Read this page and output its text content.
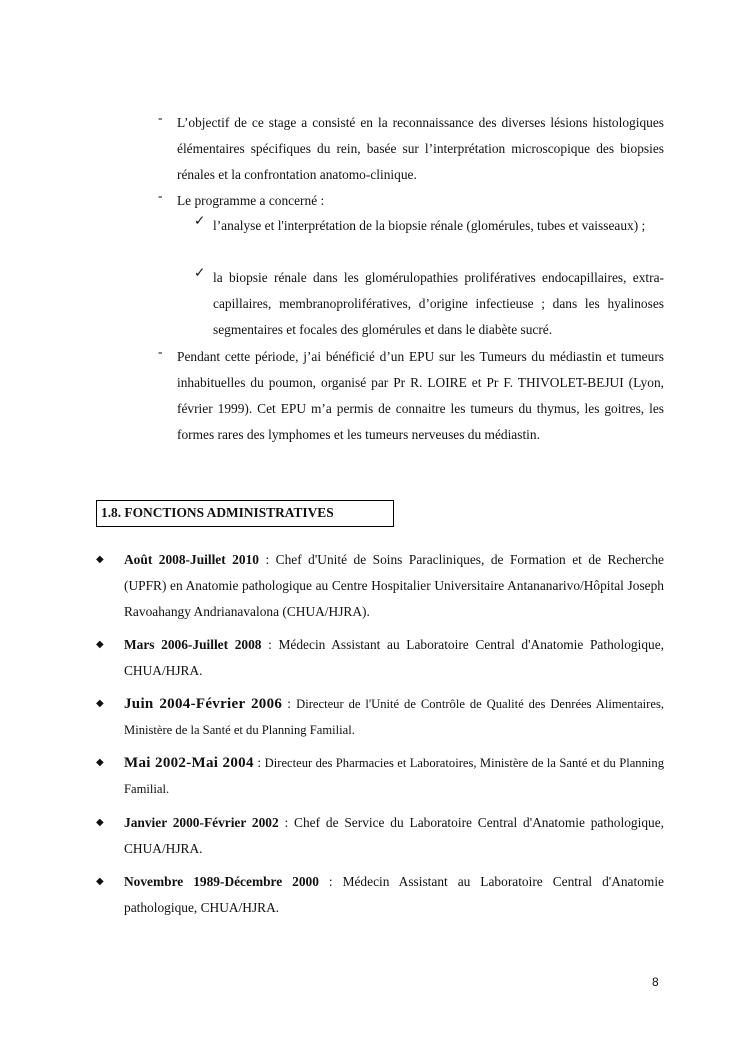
-	L’objectif de ce stage a consisté en la reconnaissance des diverses lésions histologiques élémentaires spécifiques du rein, basée sur l’interprétation microscopique des biopsies rénales et la confrontation anatomo-clinique.
-	Le programme a concerné :
✓ l’analyse et l'interprétation de la biopsie rénale (glomérules, tubes et vaisseaux) ;
✓ la biopsie rénale dans les glomérulopathies prolifératives endocapillaires, extra-capillaires, membranoprolifératives, d’origine infectieuse ; dans les hyalinoses segmentaires et focales des glomérules et dans le diabète sucré.
-	Pendant cette période, j’ai bénéficié d’un EPU sur les Tumeurs du médiastin et tumeurs inhabituelles du poumon, organisé par Pr R. LOIRE et Pr F. THIVOLET-BEJUI (Lyon, février 1999). Cet EPU m’a permis de connaitre les tumeurs du thymus, les goitres, les formes rares des lymphomes et les tumeurs nerveuses du médiastin.
1.8. FONCTIONS ADMINISTRATIVES
◆	Août 2008-Juillet 2010 : Chef d'Unité de Soins Paracliniques, de Formation et de Recherche (UPFR) en Anatomie pathologique au Centre Hospitalier Universitaire Antananarivo/Hôpital Joseph Ravoahangy Andrianavalona (CHUA/HJRA).
◆	Mars 2006-Juillet 2008 : Médecin Assistant au Laboratoire Central d'Anatomie Pathologique, CHUA/HJRA.
◆	Juin 2004-Février 2006 : Directeur de l'Unité de Contrôle de Qualité des Denrées Alimentaires, Ministère de la Santé et du Planning Familial.
◆	Mai 2002-Mai 2004 : Directeur des Pharmacies et Laboratoires, Ministère de la Santé et du Planning Familial.
◆	Janvier 2000-Février 2002 : Chef de Service du Laboratoire Central d'Anatomie pathologique, CHUA/HJRA.
◆	Novembre 1989-Décembre 2000 : Médecin Assistant au Laboratoire Central d'Anatomie pathologique, CHUA/HJRA.
8
